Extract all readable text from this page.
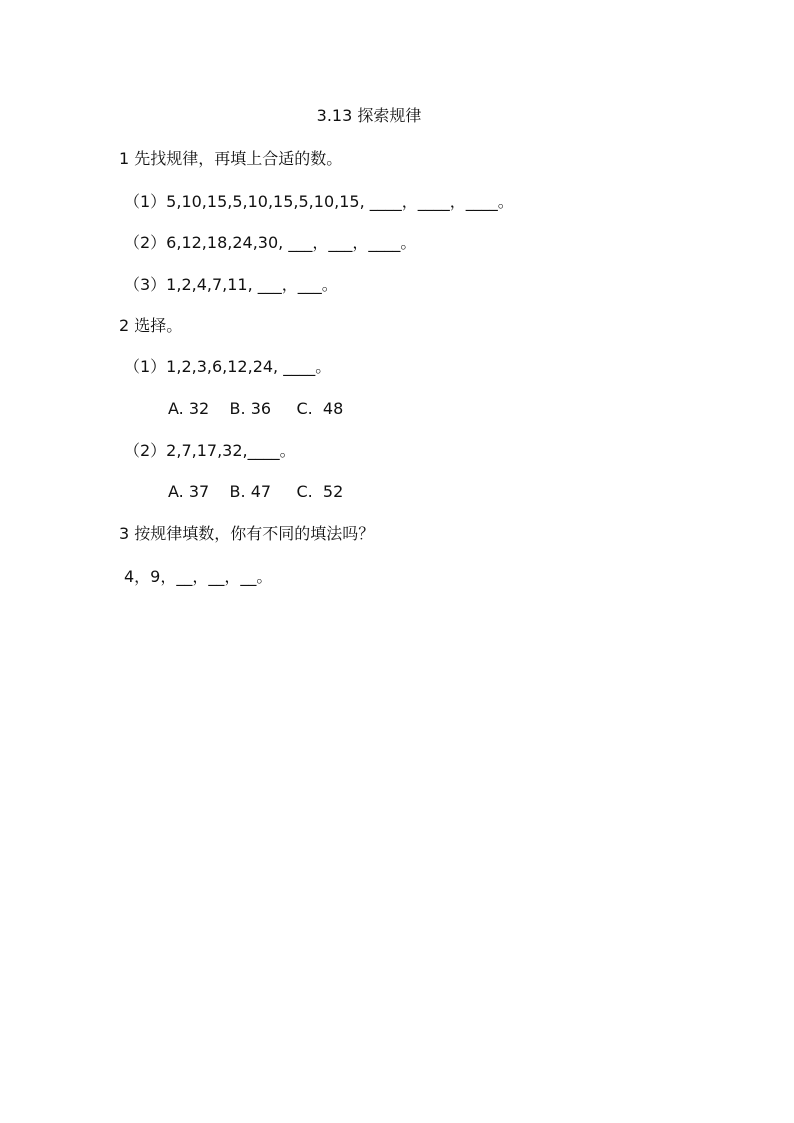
3.13 探索规律
1 先找规律，再填上合适的数。
（1）5,10,15,5,10,15,5,10,15, ____，____，____。
（2）6,12,18,24,30, ___，___，____。
（3）1,2,4,7,11, ___，___。
2 选择。
（1）1,2,3,6,12,24, ____。
A. 32    B. 36     C.  48
（2）2,7,17,32,____。
A. 37    B. 47     C.  52
3 按规律填数，你有不同的填法吗？
4，9，__，__，__。
